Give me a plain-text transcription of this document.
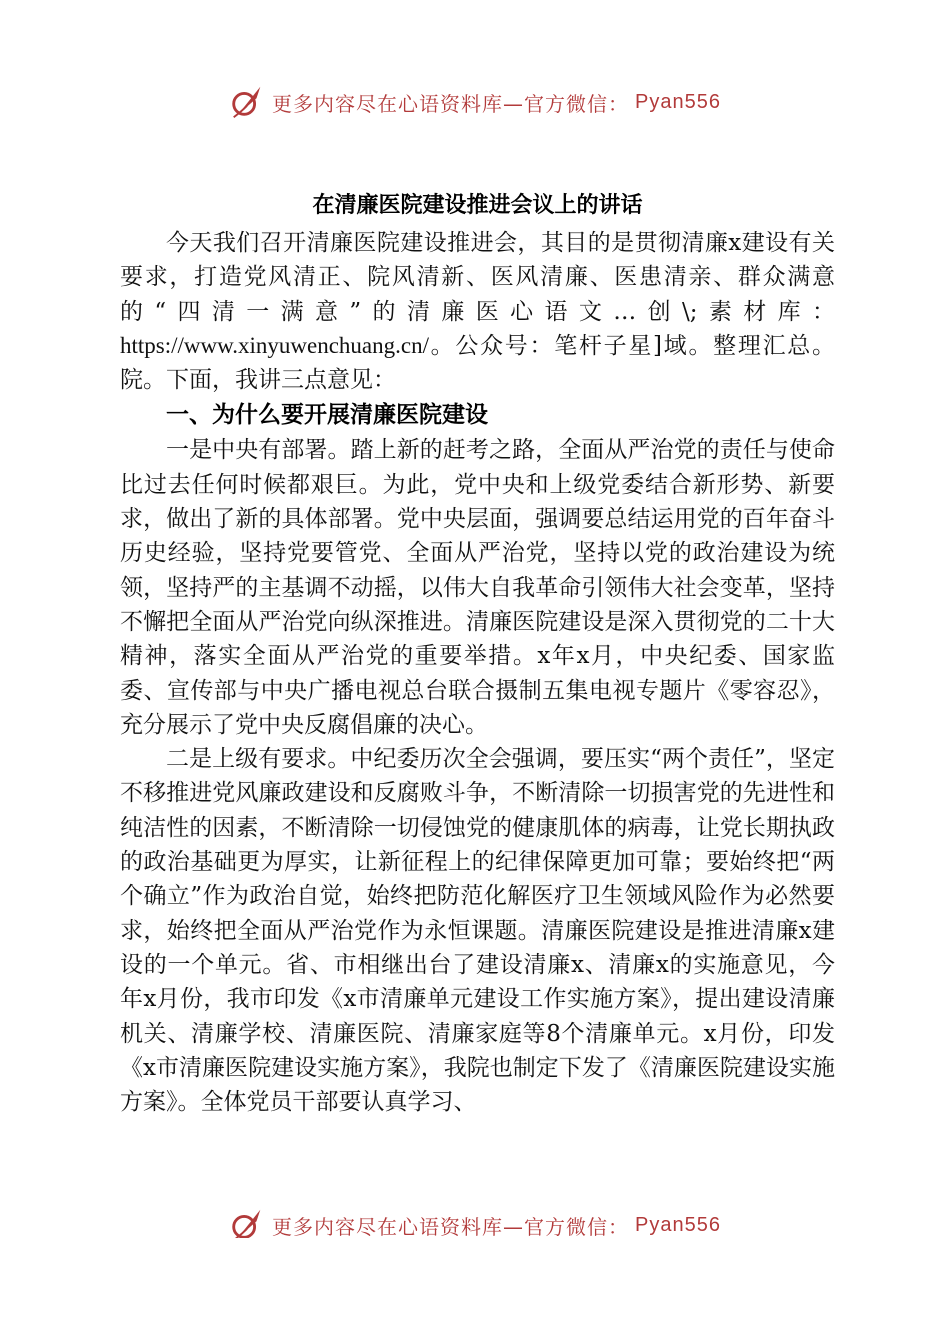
更多内容尽在心语资料库—官方微信： Pyan556
在清廉医院建设推进会议上的讲话

今天我们召开清廉医院建设推进会，其目的是贯彻清廉x建设有关要求，打造党风清正、院风清新、医风清廉、医患清亲、群众满意的“四清一满意”的清廉医心语文…创\;素材库：https://www.xinyuwenchuang.cn/。公众号：笔杆子星]域。整理汇总。院。下面，我讲三点意见：

一、为什么要开展清廉医院建设

一是中央有部署。踏上新的赶考之路，全面从严治党的责任与使命比过去任何时候都艰巨。为此，党中央和上级党委结合新形势、新要求，做出了新的具体部署。党中央层面，强调要总结运用党的百年奋斗历史经验，坚持党要管党、全面从严治党，坚持以党的政治建设为统领，坚持严的主基调不动摇，以伟大自我革命引领伟大社会变革，坚持不懈把全面从严治党向纵深推进。清廉医院建设是深入贯彻党的二十大精神，落实全面从严治党的重要举措。x年x月，中央纪委、国家监委、宣传部与中央广播电视总台联合摄制五集电视专题片《零容忍》，充分展示了党中央反腐倡廉的决心。

二是上级有要求。中纪委历次全会强调，要压实“两个责任”，坚定不移推进党风廉政建设和反腐败斗争，不断清除一切损害党的先进性和纯洁性的因素，不断清除一切侵蚀党的健康肌体的病毒，让党长期执政的政治基础更为厚实，让新征程上的纪律保障更加可靠；要始终把“两个确立”作为政治自觉，始终把防范化解医疗卫生领域风险作为必然要求，始终把全面从严治党作为永恒课题。清廉医院建设是推进清廉x建设的一个单元。省、市相继出台了建设清廉x、清廉x的实施意见，今年x月份，我市印发《x市清廉单元建设工作实施方案》，提出建设清廉机关、清廉学校、清廉医院、清廉家庭等8个清廉单元。x月份，印发《x市清廉医院建设实施方案》，我院也制定下发了《清廉医院建设实施方案》。全体党员干部要认真学习、

更多内容尽在心语资料库—官方微信： Pyan556
